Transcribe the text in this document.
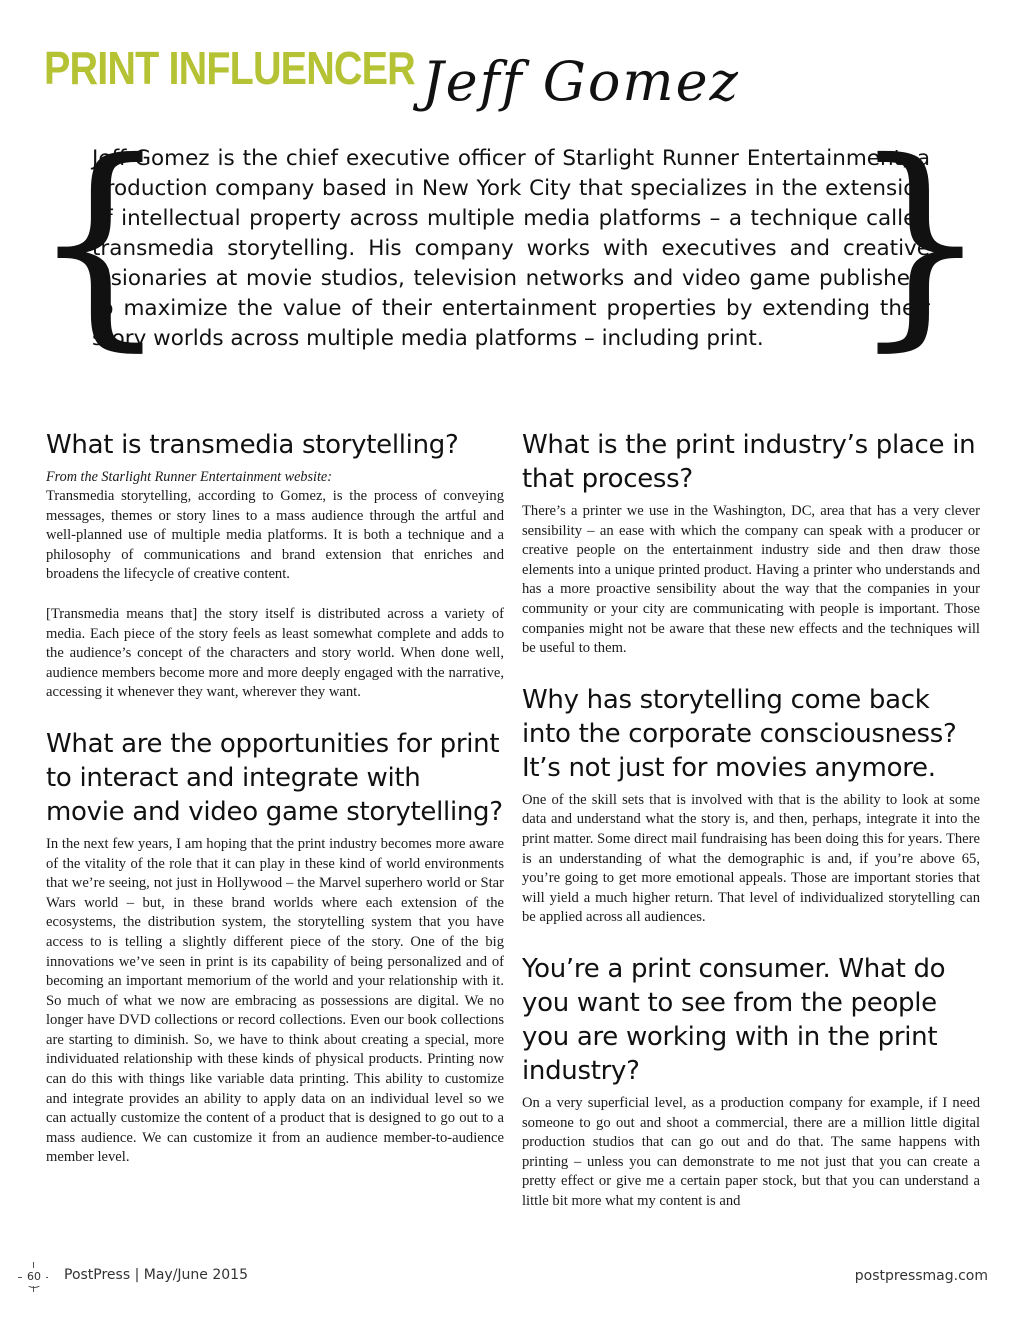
PRINT INFLUENCER Jeff Gomez
{
Jeff Gomez is the chief executive officer of Starlight Runner Entertainment, a production company based in New York City that specializes in the extension of intellectual property across multiple media platforms – a technique called transmedia storytelling. His company works with executives and creative visionaries at movie studios, television networks and video game publishers to maximize the value of their entertainment properties by extending their story worlds across multiple media platforms – including print. }
What is transmedia storytelling?

From the Starlight Runner Entertainment website:

Transmedia storytelling, according to Gomez, is the process of conveying messages, themes or story lines to a mass audience through the artful and well-planned use of multiple media platforms. It is both a technique and a philosophy of communications and brand extension that enriches and broadens the lifecycle of creative content.

[Transmedia means that] the story itself is distributed across a variety of media. Each piece of the story feels as least somewhat complete and adds to the audience’s concept of the characters and story world. When done well, audience members become more and more deeply engaged with the narrative, accessing it whenever they want, wherever they want.

What are the opportunities for print to interact and integrate with movie and video game storytelling?

In the next few years, I am hoping that the print industry becomes more aware of the vitality of the role that it can play in these kind of world environments that we’re seeing, not just in Hollywood – the Marvel superhero world or Star Wars world – but, in these brand worlds where each extension of the ecosystems, the distribution system, the storytelling system that you have access to is telling a slightly different piece of the story. One of the big innovations we’ve seen in print is its capability of being personalized and of becoming an important memorium of the world and your relationship with it. So much of what we now are embracing as possessions are digital. We no longer have DVD collections or record collections. Even our book collections are starting to diminish. So, we have to think about creating a special, more individuated relationship with these kinds of physical products. Printing now can do this with things like variable data printing. This ability to customize and integrate provides an ability to apply data on an individual level so we can actually customize the content of a product that is designed to go out to a mass audience. We can customize it from an audience member-to-audience member level.

What is the print industry’s place in that process?

There’s a printer we use in the Washington, DC, area that has a very clever sensibility – an ease with which the company can speak with a producer or creative people on the entertainment industry side and then draw those elements into a unique printed product. Having a printer who understands and has a more proactive sensibility about the way that the companies in your community or your city are communicating with people is important. Those companies might not be aware that these new effects and the techniques will be useful to them.

Why has storytelling come back into the corporate consciousness? It’s not just for movies anymore.

One of the skill sets that is involved with that is the ability to look at some data and understand what the story is, and then, perhaps, integrate it into the print matter. Some direct mail fundraising has been doing this for years. There is an understanding of what the demographic is and, if you’re above 65, you’re going to get more emotional appeals. Those are important stories that will yield a much higher return. That level of individualized storytelling can be applied across all audiences.

You’re a print consumer. What do you want to see from the people you are working with in the print industry?

On a very superficial level, as a production company for example, if I need someone to go out and shoot a commercial, there are a million little digital production studios that can go out and do that. The same happens with printing – unless you can demonstrate to me not just that you can create a pretty effect or give me a certain paper stock, but that you can understand a little bit more what my content is and

60	PostPress | May/June 2015	postpressmag.com
